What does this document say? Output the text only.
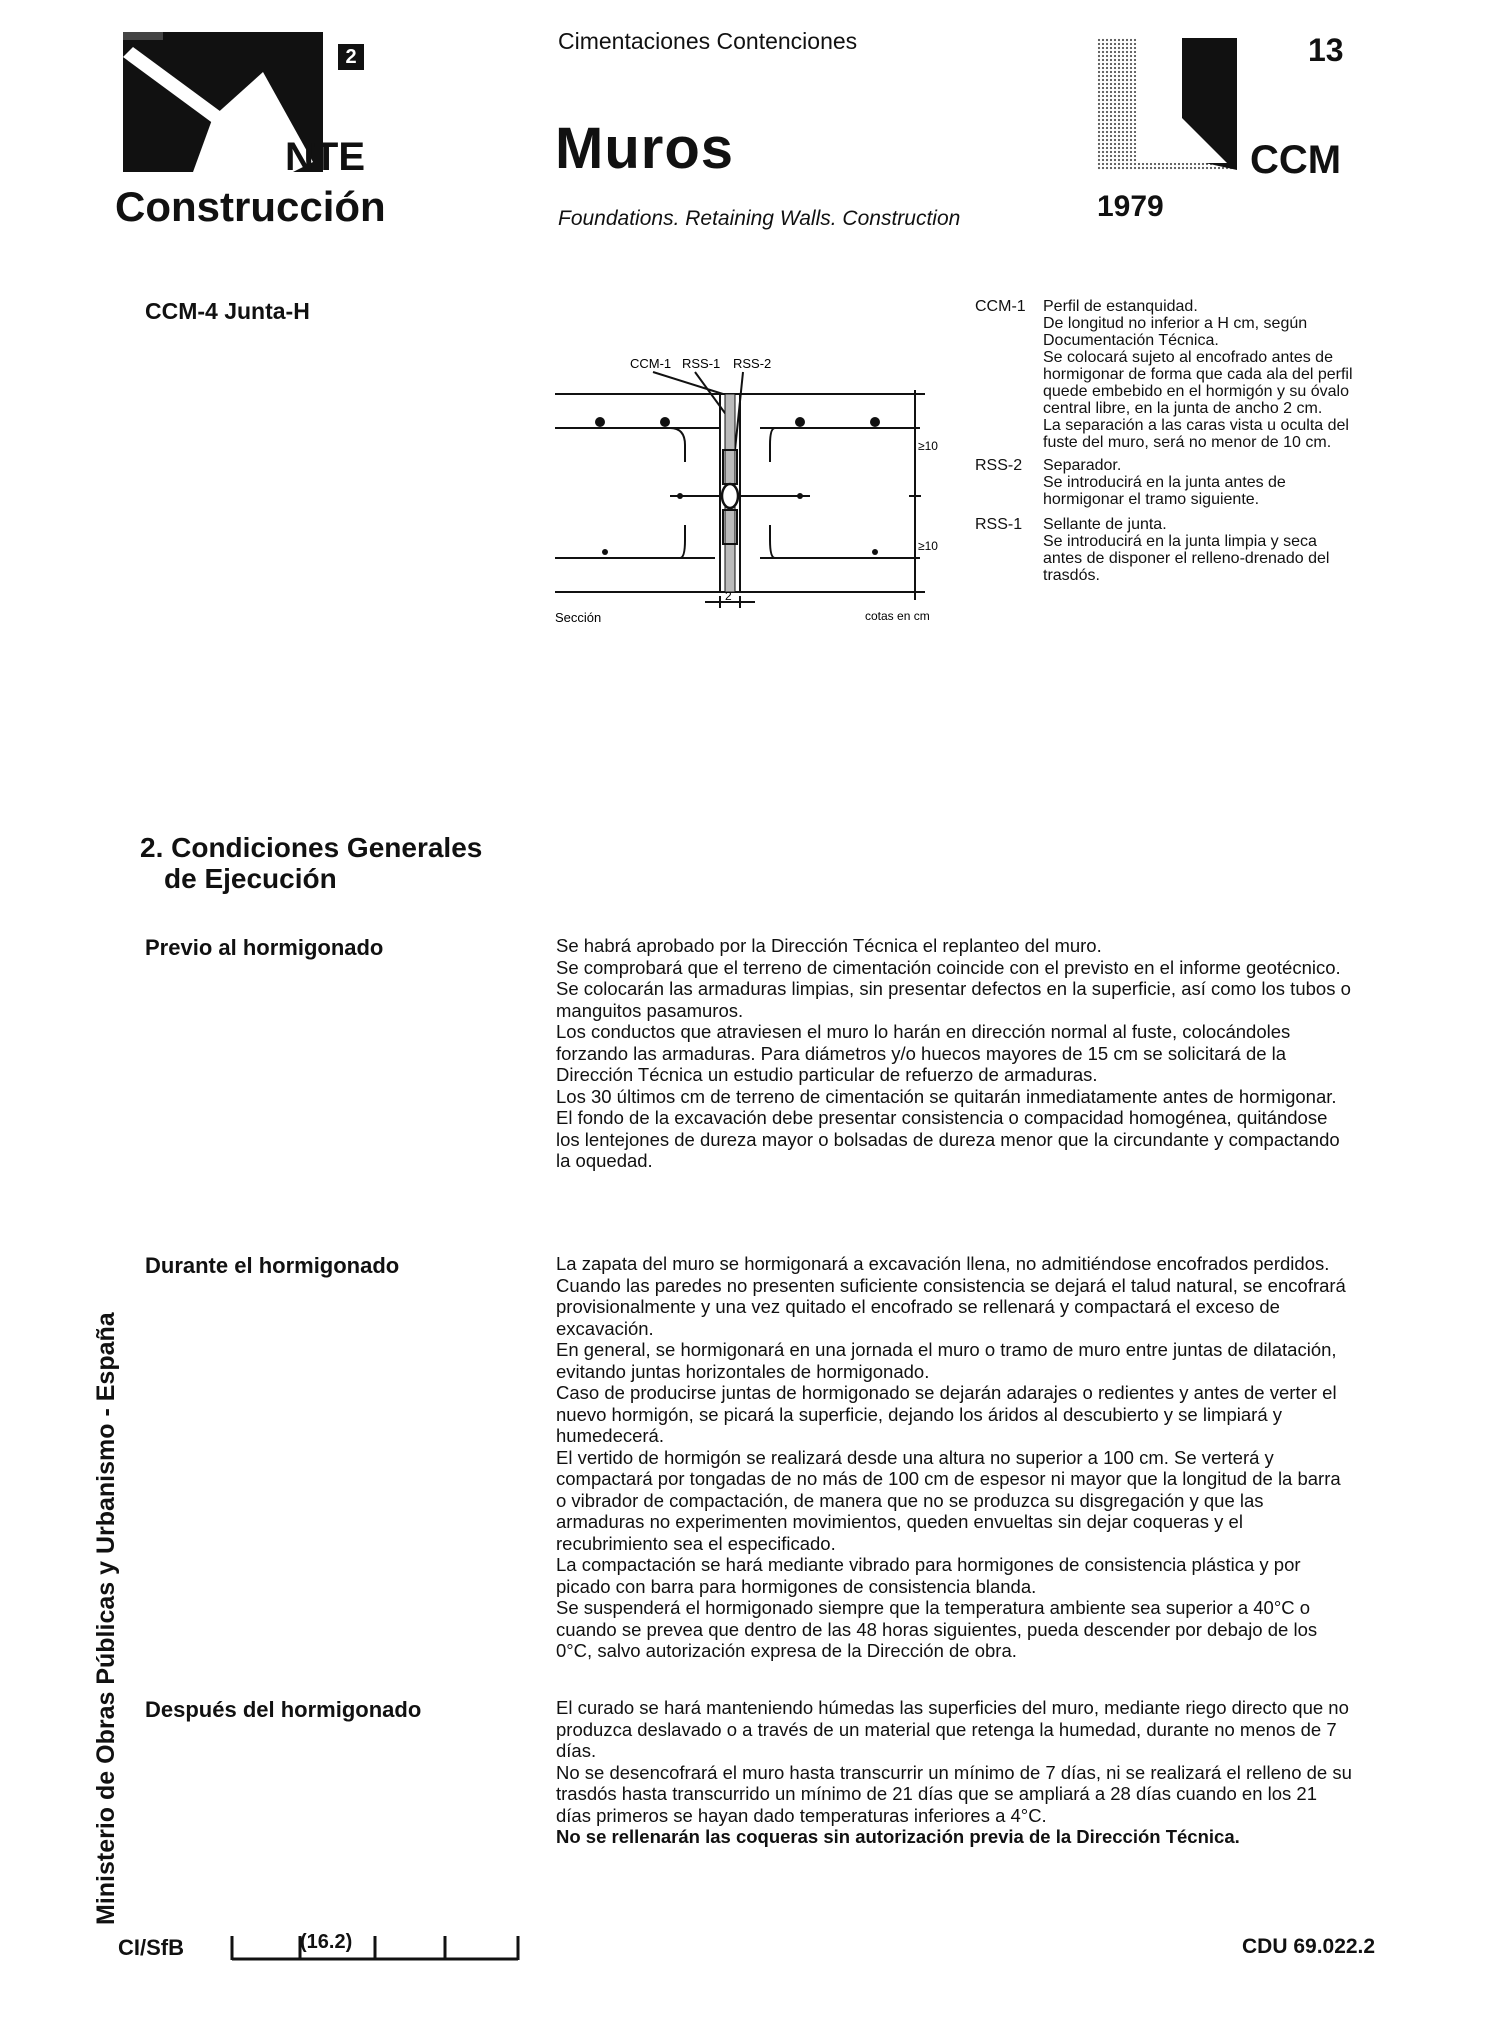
2
NTE
Construcción
Cimentaciones Contenciones
Muros
Foundations. Retaining Walls. Construction
13
CCM
1979
CCM-4 Junta-H
CCM-1 RSS-1 RSS-2
≥10
≥10
2
Sección	cotas en cm
CCM-1	Perfil de estanquidad.

De longitud no inferior a H cm, según Documentación Técnica.

Se colocará sujeto al encofrado antes de hormigonar de forma que cada ala del perfil quede embebido en el hormigón y su óvalo central libre, en la junta de ancho 2 cm.

La separación a las caras vista u oculta del fuste del muro, será no menor de 10 cm.

RSS-2	Separador.

Se introducirá en la junta antes de hormigonar el tramo siguiente.

RSS-1	Sellante de junta.

Se introducirá en la junta limpia y seca antes de disponer el relleno-drenado del trasdós.

2. Condiciones Generales
de Ejecución
Previo al hormigonado	Se habrá aprobado por la Dirección Técnica el replanteo del muro.

Se comprobará que el terreno de cimentación coincide con el previsto en el informe geotécnico.

Se colocarán las armaduras limpias, sin presentar defectos en la superficie, así como los tubos o manguitos pasamuros.

Los conductos que atraviesen el muro lo harán en dirección normal al fuste, colocándoles forzando las armaduras. Para diámetros y/o huecos mayores de 15 cm se solicitará de la Dirección Técnica un estudio particular de refuerzo de armaduras.

Los 30 últimos cm de terreno de cimentación se quitarán inmediatamente antes de hormigonar.

El fondo de la excavación debe presentar consistencia o compacidad homogénea, quitándose los lentejones de dureza mayor o bolsadas de dureza menor que la circundante y compactando la oquedad.

Durante el hormigonado	La zapata del muro se hormigonará a excavación llena, no admitiéndose encofrados perdidos. Cuando las paredes no presenten suficiente consistencia se dejará el talud natural, se encofrará provisionalmente y una vez quitado el encofrado se rellenará y compactará el exceso de excavación.

En general, se hormigonará en una jornada el muro o tramo de muro entre juntas de dilatación, evitando juntas horizontales de hormigonado.

Caso de producirse juntas de hormigonado se dejarán adarajes o redientes y antes de verter el nuevo hormigón, se picará la superficie, dejando los áridos al descubierto y se limpiará y humedecerá.

El vertido de hormigón se realizará desde una altura no superior a 100 cm. Se verterá y compactará por tongadas de no más de 100 cm de espesor ni mayor que la longitud de la barra o vibrador de compactación, de manera que no se produzca su disgregación y que las armaduras no experimenten movimientos, queden envueltas sin dejar coqueras y el recubrimiento sea el especificado.

La compactación se hará mediante vibrado para hormigones de consistencia plástica y por picado con barra para hormigones de consistencia blanda.

Se suspenderá el hormigonado siempre que la temperatura ambiente sea superior a 40°C o cuando se prevea que dentro de las 48 horas siguientes, pueda descender por debajo de los 0°C, salvo autorización expresa de la Dirección de obra.

Después del hormigonado	El curado se hará manteniendo húmedas las superficies del muro, mediante riego directo que no produzca deslavado o a través de un material que retenga la humedad, durante no menos de 7 días.

No se desencofrará el muro hasta transcurrir un mínimo de 7 días, ni se realizará el relleno de su trasdós hasta transcurrido un mínimo de 21 días que se ampliará a 28 días cuando en los 21 días primeros se hayan dado temperaturas inferiores a 4°C.

No se rellenarán las coqueras sin autorización previa de la Dirección Técnica.

Ministerio de Obras Públicas y Urbanismo - España
CI/SfB	(16.2)	CDU 69.022.2
